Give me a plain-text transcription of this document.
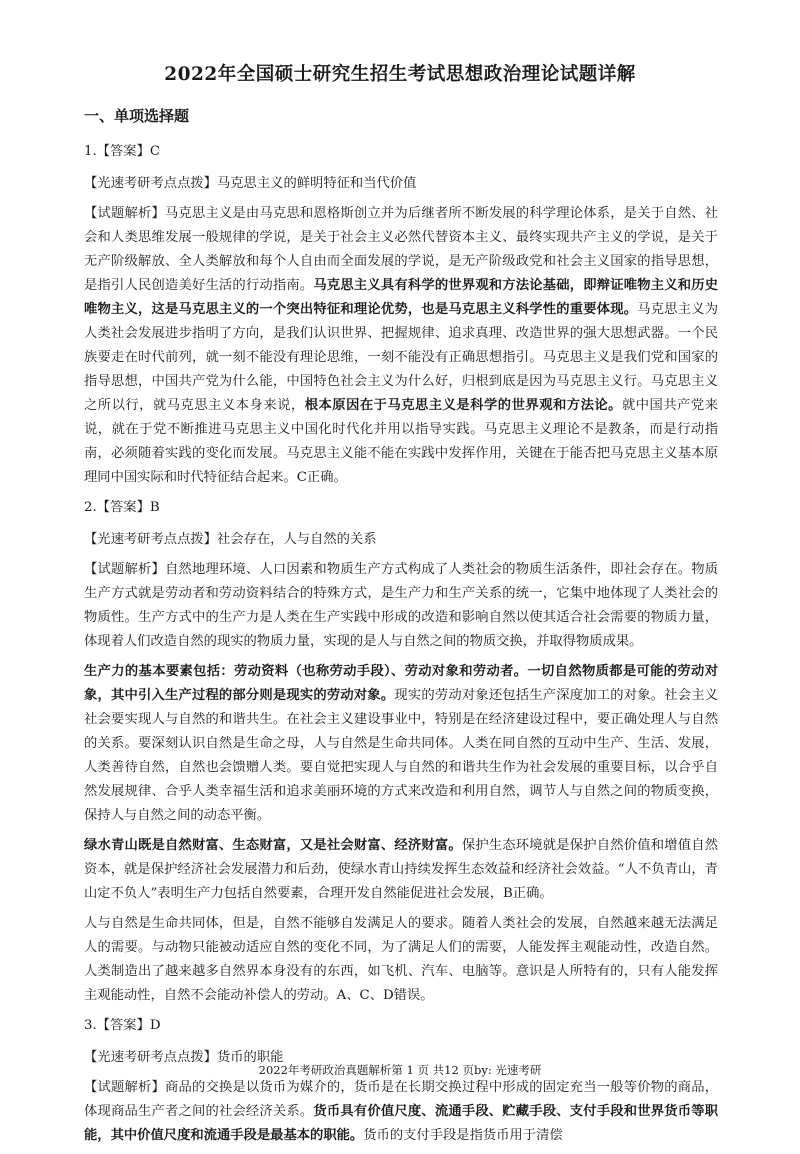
2022年全国硕士研究生招生考试思想政治理论试题详解
一、单项选择题
1.【答案】C
【光速考研考点点拨】马克思主义的鲜明特征和当代价值
【试题解析】马克思主义是由马克思和恩格斯创立并为后继者所不断发展的科学理论体系，是关于自然、社会和人类思维发展一般规律的学说，是关于社会主义必然代替资本主义、最终实现共产主义的学说，是关于无产阶级解放、全人类解放和每个人自由而全面发展的学说，是无产阶级政党和社会主义国家的指导思想，是指引人民创造美好生活的行动指南。马克思主义具有科学的世界观和方法论基础，即辩证唯物主义和历史唯物主义，这是马克思主义的一个突出特征和理论优势，也是马克思主义科学性的重要体现。马克思主义为人类社会发展进步指明了方向，是我们认识世界、把握规律、追求真理、改造世界的强大思想武器。一个民族要走在时代前列，就一刻不能没有理论思维，一刻不能没有正确思想指引。马克思主义是我们党和国家的指导思想，中国共产党为什么能，中国特色社会主义为什么好，归根到底是因为马克思主义行。马克思主义之所以行，就马克思主义本身来说，根本原因在于马克思主义是科学的世界观和方法论。就中国共产党来说，就在于党不断推进马克思主义中国化时代化并用以指导实践。马克思主义理论不是教条，而是行动指南，必须随着实践的变化而发展。马克思主义能不能在实践中发挥作用，关键在于能否把马克思主义基本原理同中国实际和时代特征结合起来。C正确。
2.【答案】B
【光速考研考点点拨】社会存在，人与自然的关系
【试题解析】自然地理环境、人口因素和物质生产方式构成了人类社会的物质生活条件，即社会存在。物质生产方式就是劳动者和劳动资料结合的特殊方式，是生产力和生产关系的统一，它集中地体现了人类社会的物质性。生产方式中的生产力是人类在生产实践中形成的改造和影响自然以使其适合社会需要的物质力量，体现着人们改造自然的现实的物质力量，实现的是人与自然之间的物质交换，并取得物质成果。
生产力的基本要素包括：劳动资料（也称劳动手段）、劳动对象和劳动者。一切自然物质都是可能的劳动对象，其中引入生产过程的部分则是现实的劳动对象。现实的劳动对象还包括生产深度加工的对象。社会主义社会要实现人与自然的和谐共生。在社会主义建设事业中，特别是在经济建设过程中，要正确处理人与自然的关系。要深刻认识自然是生命之母，人与自然是生命共同体。人类在同自然的互动中生产、生活、发展，人类善待自然，自然也会馈赠人类。要自觉把实现人与自然的和谐共生作为社会发展的重要目标，以合乎自然发展规律、合乎人类幸福生活和追求美丽环境的方式来改造和利用自然，调节人与自然之间的物质变换，保持人与自然之间的动态平衡。
绿水青山既是自然财富、生态财富，又是社会财富、经济财富。保护生态环境就是保护自然价值和增值自然资本，就是保护经济社会发展潜力和后劲，使绿水青山持续发挥生态效益和经济社会效益。“人不负青山，青山定不负人”表明生产力包括自然要素，合理开发自然能促进社会发展，B正确。
人与自然是生命共同体，但是，自然不能够自发满足人的要求。随着人类社会的发展，自然越来越无法满足人的需要。与动物只能被动适应自然的变化不同，为了满足人们的需要，人能发挥主观能动性，改造自然。人类制造出了越来越多自然界本身没有的东西，如飞机、汽车、电脑等。意识是人所特有的，只有人能发挥主观能动性，自然不会能动补偿人的劳动。A、C、D错误。
3.【答案】D
【光速考研考点点拨】货币的职能
【试题解析】商品的交换是以货币为媒介的，货币是在长期交换过程中形成的固定充当一般等价物的商品，体现商品生产者之间的社会经济关系。货币具有价值尺度、流通手段、贮藏手段、支付手段和世界货币等职能，其中价值尺度和流通手段是最基本的职能。货币的支付手段是指货币用于清偿
2022年考研政治真题解析第 1 页 共12 页by: 光速考研
